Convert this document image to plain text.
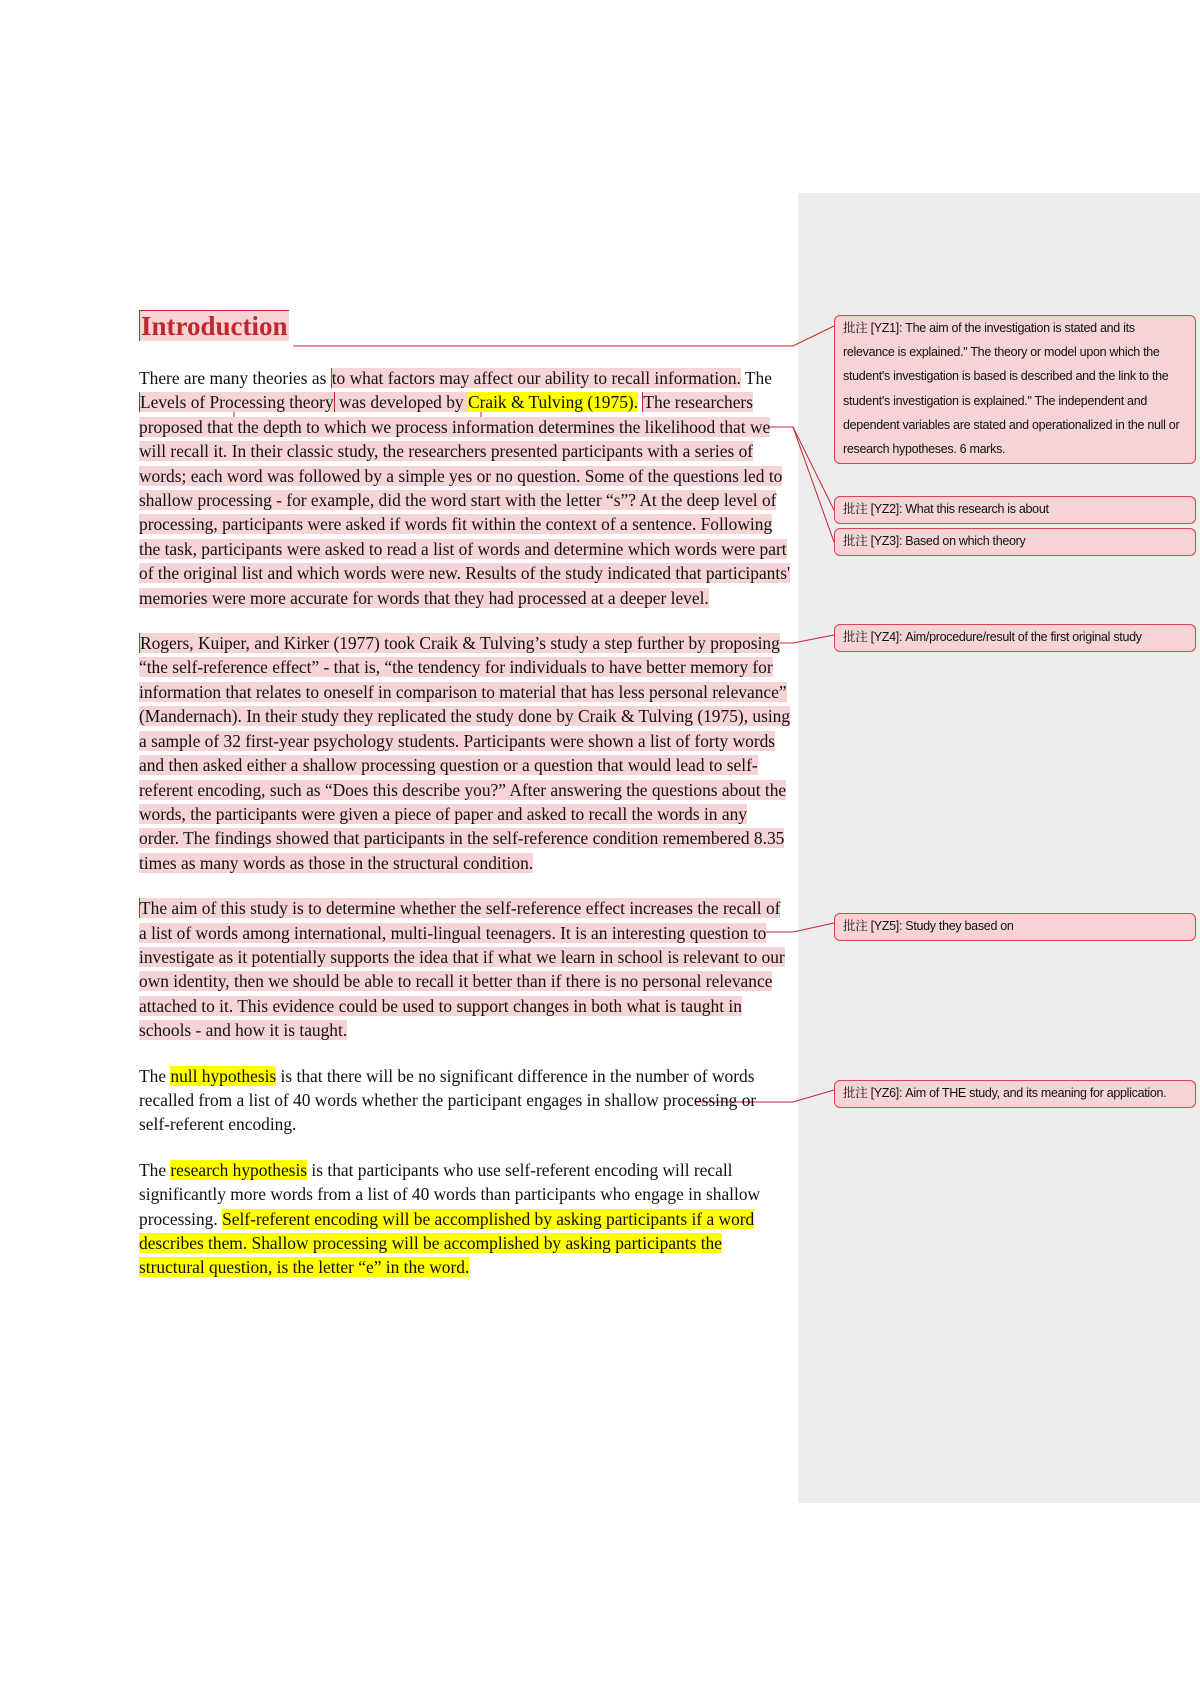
Introduction

There are many theories as to what factors may affect our ability to recall information. The Levels of Processing theory was developed by Craik & Tulving (1975). The researchers proposed that the depth to which we process information determines the likelihood that we will recall it. In their classic study, the researchers presented participants with a series of words; each word was followed by a simple yes or no question. Some of the questions led to shallow processing - for example, did the word start with the letter “s”? At the deep level of processing, participants were asked if words fit within the context of a sentence. Following the task, participants were asked to read a list of words and determine which words were part of the original list and which words were new. Results of the study indicated that participants' memories were more accurate for words that they had processed at a deeper level.

Rogers, Kuiper, and Kirker (1977) took Craik & Tulving’s study a step further by proposing “the self-reference effect” - that is, “the tendency for individuals to have better memory for information that relates to oneself in comparison to material that has less personal relevance” (Mandernach). In their study they replicated the study done by Craik & Tulving (1975), using a sample of 32 first-year psychology students. Participants were shown a list of forty words and then asked either a shallow processing question or a question that would lead to self-referent encoding, such as “Does this describe you?” After answering the questions about the words, the participants were given a piece of paper and asked to recall the words in any order. The findings showed that participants in the self-reference condition remembered 8.35 times as many words as those in the structural condition.

The aim of this study is to determine whether the self-reference effect increases the recall of a list of words among international, multi-lingual teenagers. It is an interesting question to investigate as it potentially supports the idea that if what we learn in school is relevant to our own identity, then we should be able to recall it better than if there is no personal relevance attached to it. This evidence could be used to support changes in both what is taught in schools - and how it is taught.

The null hypothesis is that there will be no significant difference in the number of words recalled from a list of 40 words whether the participant engages in shallow processing or self-referent encoding.

The research hypothesis is that participants who use self-referent encoding will recall significantly more words from a list of 40 words than participants who engage in shallow processing. Self-referent encoding will be accomplished by asking participants if a word describes them. Shallow processing will be accomplished by asking participants the structural question, is the letter “e” in the word.

批注 [YZ1]: The aim of the investigation is stated and its relevance is explained." The theory or model upon which the student's investigation is based is described and the link to the student's investigation is explained." The independent and dependent variables are stated and operationalized in the null or research hypotheses. 6 marks.
批注 [YZ2]: What this research is about
批注 [YZ3]: Based on which theory
批注 [YZ4]: Aim/procedure/result of the first original study
批注 [YZ5]: Study they based on
批注 [YZ6]: Aim of THE study, and its meaning for application.
